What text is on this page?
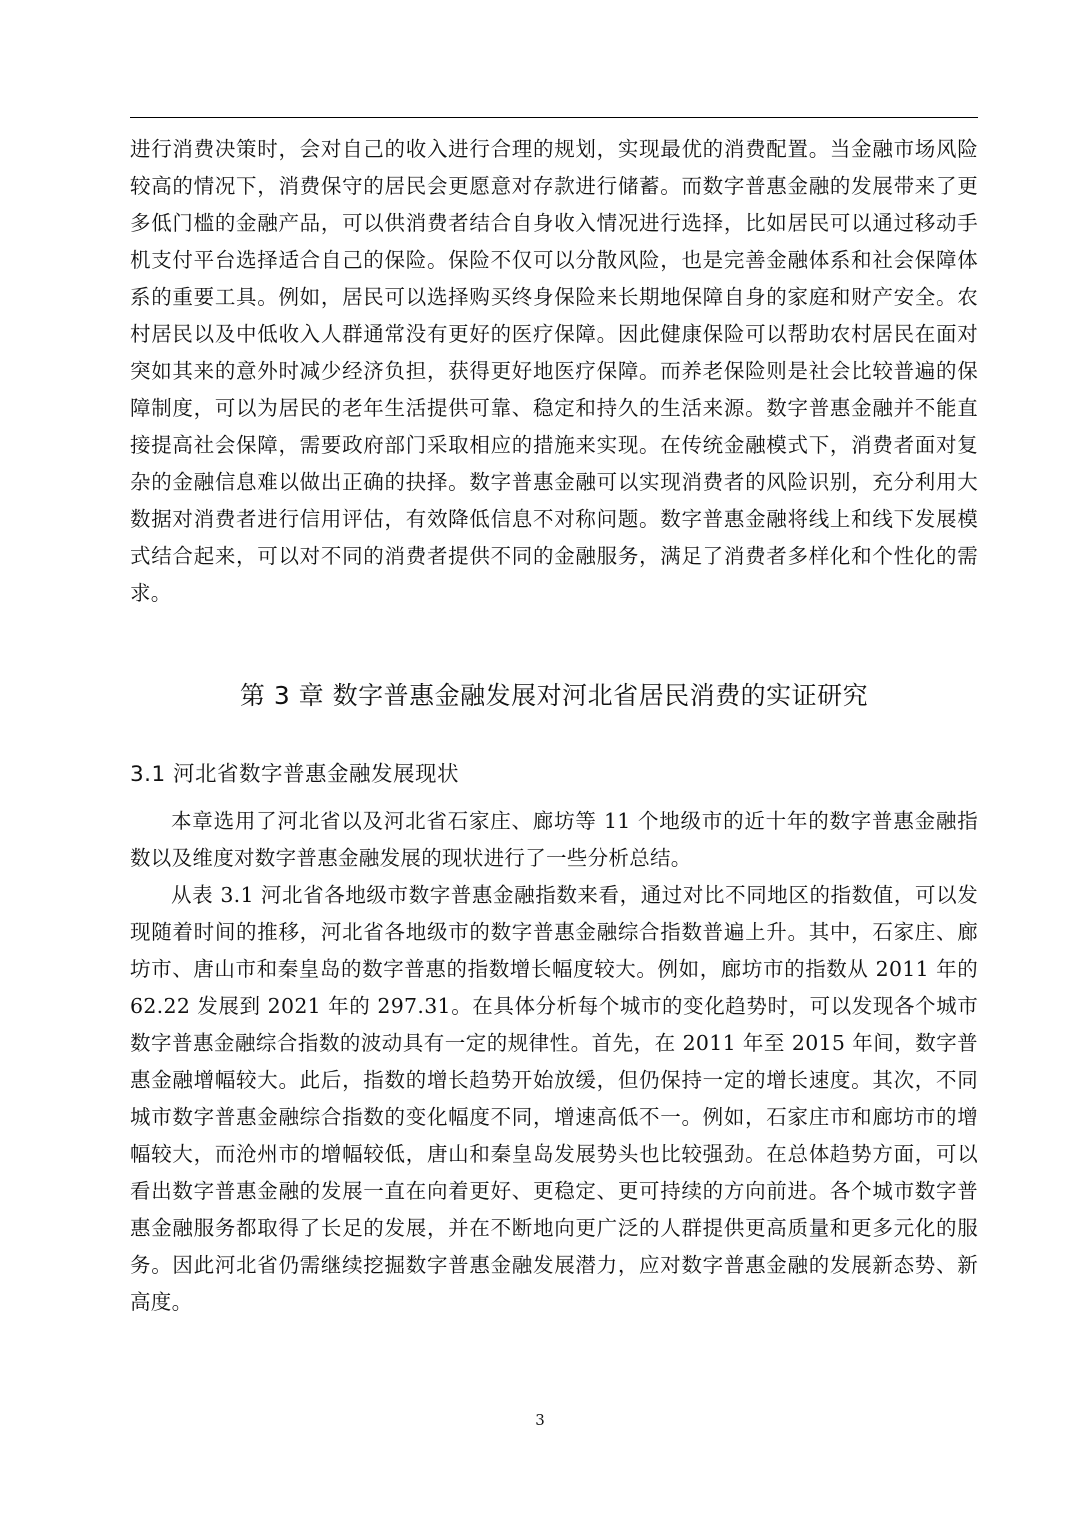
进行消费决策时，会对自己的收入进行合理的规划，实现最优的消费配置。当金融市场风险较高的情况下，消费保守的居民会更愿意对存款进行储蓄。而数字普惠金融的发展带来了更多低门槛的金融产品，可以供消费者结合自身收入情况进行选择，比如居民可以通过移动手机支付平台选择适合自己的保险。保险不仅可以分散风险，也是完善金融体系和社会保障体系的重要工具。例如，居民可以选择购买终身保险来长期地保障自身的家庭和财产安全。农村居民以及中低收入人群通常没有更好的医疗保障。因此健康保险可以帮助农村居民在面对突如其来的意外时减少经济负担，获得更好地医疗保障。而养老保险则是社会比较普遍的保障制度，可以为居民的老年生活提供可靠、稳定和持久的生活来源。数字普惠金融并不能直接提高社会保障，需要政府部门采取相应的措施来实现。在传统金融模式下，消费者面对复杂的金融信息难以做出正确的抉择。数字普惠金融可以实现消费者的风险识别，充分利用大数据对消费者进行信用评估，有效降低信息不对称问题。数字普惠金融将线上和线下发展模式结合起来，可以对不同的消费者提供不同的金融服务，满足了消费者多样化和个性化的需求。

第 3 章 数字普惠金融发展对河北省居民消费的实证研究
3.1 河北省数字普惠金融发展现状

本章选用了河北省以及河北省石家庄、廊坊等 11 个地级市的近十年的数字普惠金融指数以及维度对数字普惠金融发展的现状进行了一些分析总结。

从表 3.1 河北省各地级市数字普惠金融指数来看，通过对比不同地区的指数值，可以发现随着时间的推移，河北省各地级市的数字普惠金融综合指数普遍上升。其中，石家庄、廊坊市、唐山市和秦皇岛的数字普惠的指数增长幅度较大。例如，廊坊市的指数从 2011 年的 62.22 发展到 2021 年的 297.31。在具体分析每个城市的变化趋势时，可以发现各个城市数字普惠金融综合指数的波动具有一定的规律性。首先，在 2011 年至 2015 年间，数字普惠金融增幅较大。此后，指数的增长趋势开始放缓，但仍保持一定的增长速度。其次，不同城市数字普惠金融综合指数的变化幅度不同，增速高低不一。例如，石家庄市和廊坊市的增幅较大，而沧州市的增幅较低，唐山和秦皇岛发展势头也比较强劲。在总体趋势方面，可以看出数字普惠金融的发展一直在向着更好、更稳定、更可持续的方向前进。各个城市数字普惠金融服务都取得了长足的发展，并在不断地向更广泛的人群提供更高质量和更多元化的服务。因此河北省仍需继续挖掘数字普惠金融发展潜力，应对数字普惠金融的发展新态势、新高度。

3
